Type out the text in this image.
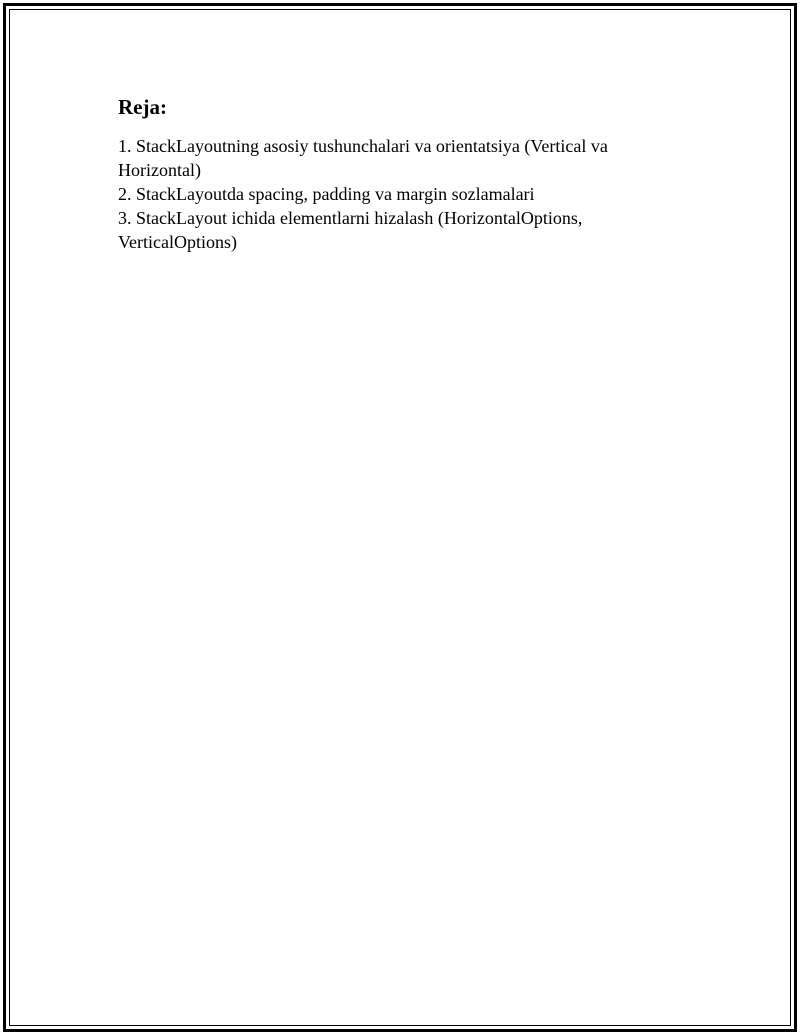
Reja:
1. StackLayoutning asosiy tushunchalari va orientatsiya (Vertical va Horizontal)
2. StackLayoutda spacing, padding va margin sozlamalari
3. StackLayout ichida elementlarni hizalash (HorizontalOptions, VerticalOptions)
